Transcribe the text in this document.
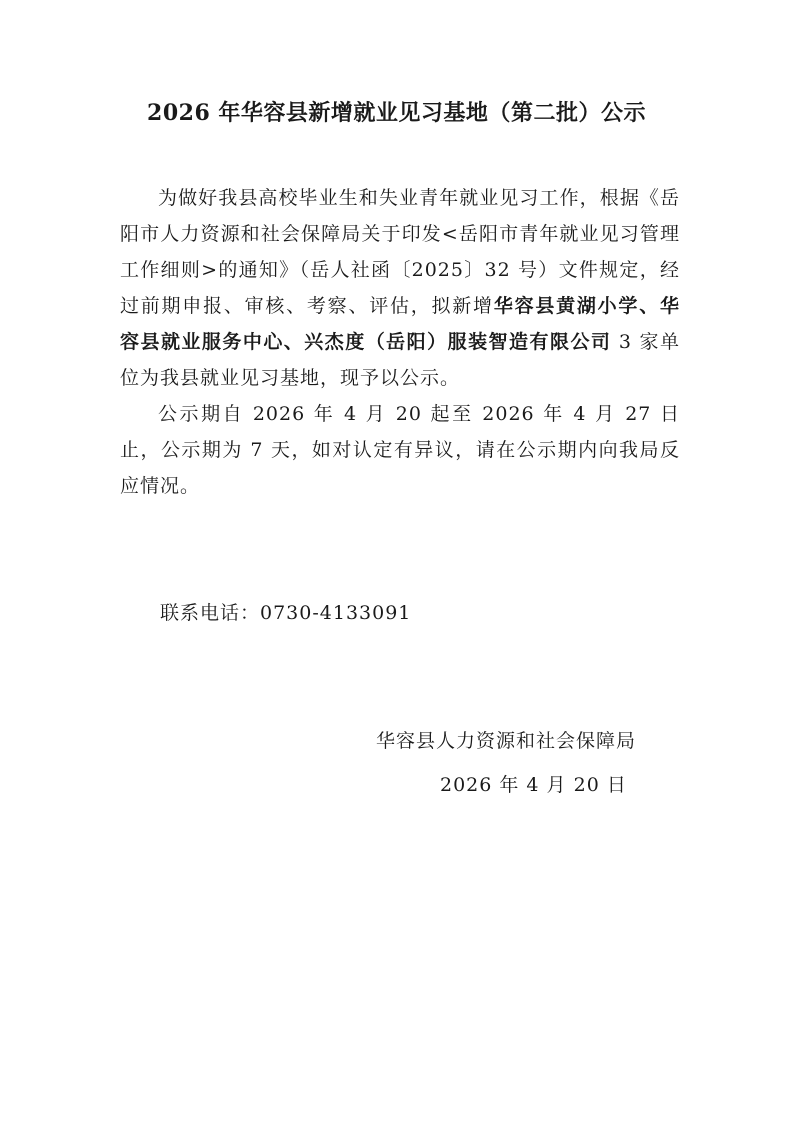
2026 年华容县新增就业见习基地（第二批）公示

为做好我县高校毕业生和失业青年就业见习工作，根据《岳阳市人力资源和社会保障局关于印发<岳阳市青年就业见习管理工作细则>的通知》（岳人社函〔2025〕32 号）文件规定，经过前期申报、审核、考察、评估，拟新增华容县黄湖小学、华容县就业服务中心、兴杰度（岳阳）服装智造有限公司 3 家单位为我县就业见习基地，现予以公示。

公示期自 2026 年 4 月 20 起至 2026 年 4 月 27 日止，公示期为 7 天，如对认定有异议，请在公示期内向我局反应情况。

联系电话：0730-4133091

华容县人力资源和社会保障局

2026 年 4 月 20 日
